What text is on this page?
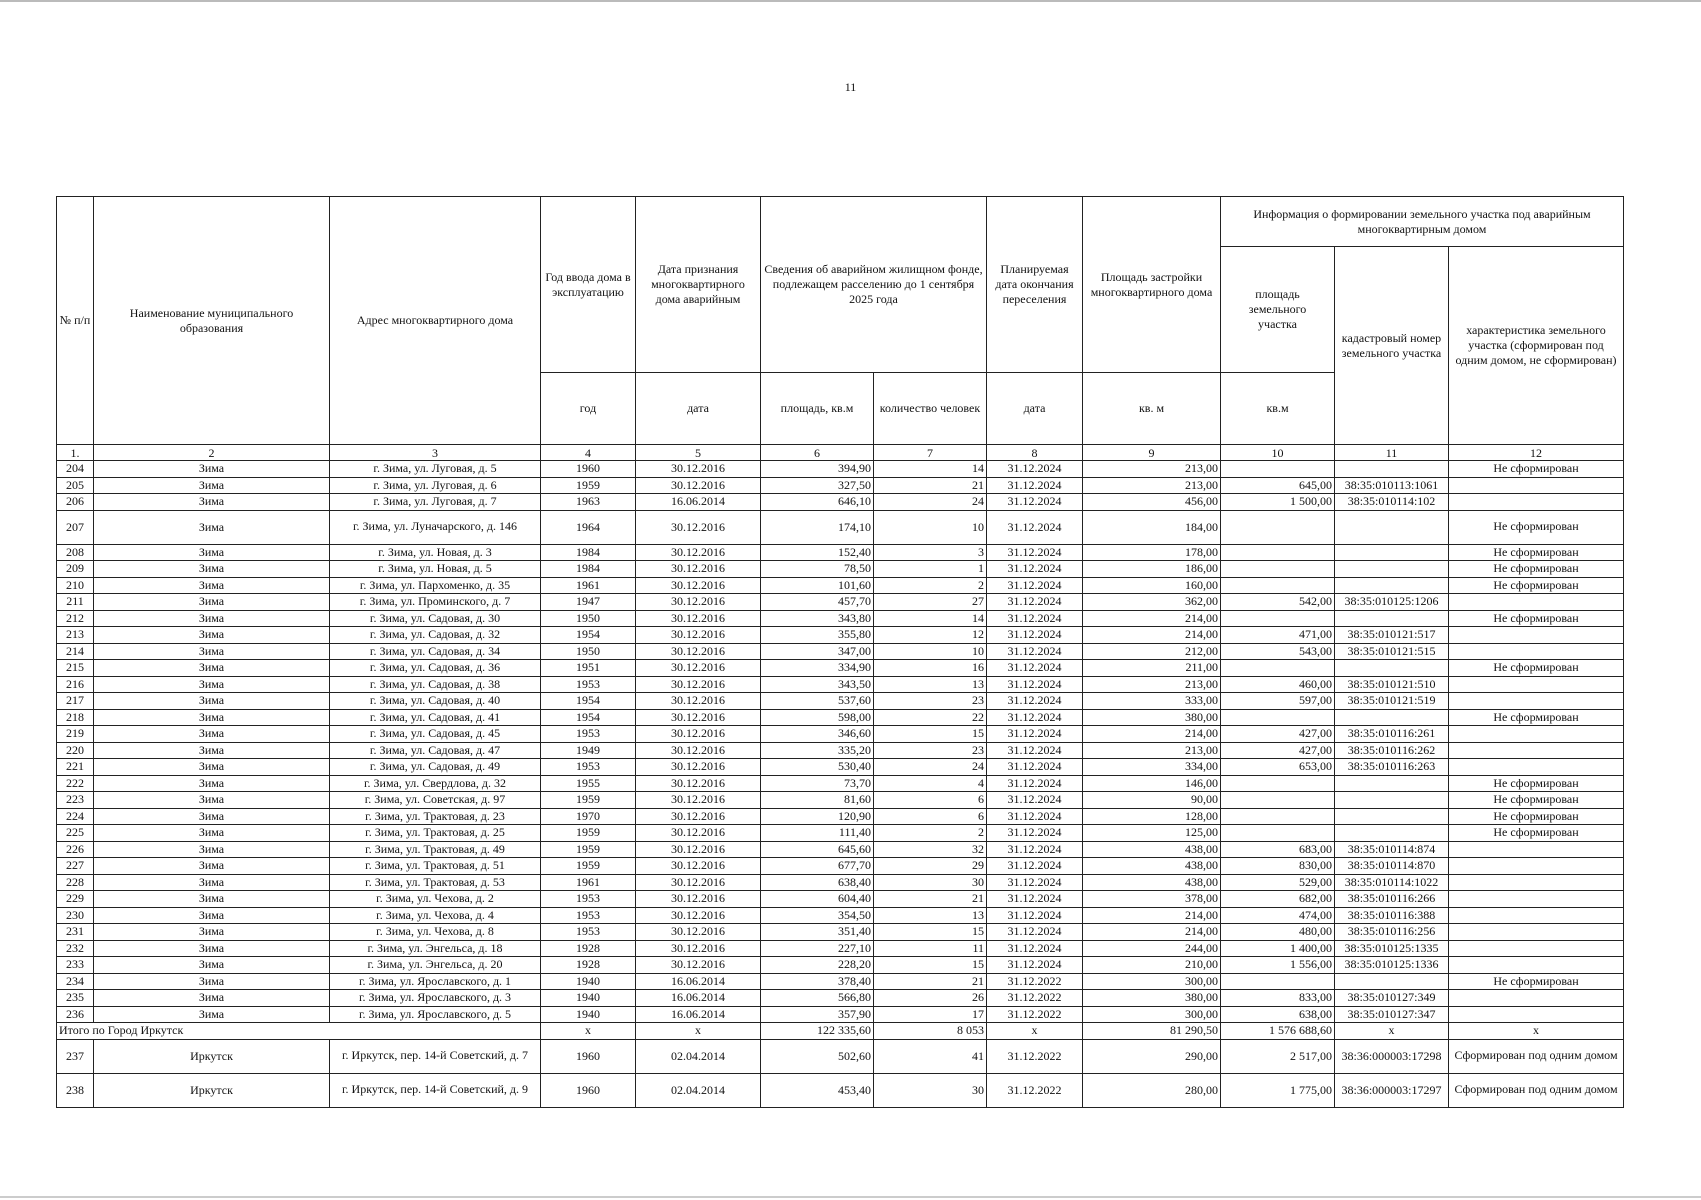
11
№ п/п	Наименование муниципального образования	Адрес многоквартирного дома	Год ввода дома в эксплуатацию	Дата признания многоквартирного дома аварийным	Сведения об аварийном жилищном фонде, подлежащем расселению до 1 сентября 2025 года		Планируемая дата окончания переселения	Площадь застройки многоквартирного дома	Информация о формировании земельного участка под аварийным многоквартирным домом		
									площадь земельного участка	кадастровый номер земельного участка	характеристика земельного участка (сформирован под одним домом, не сформирован)
			год	дата	площадь, кв.м	количество человек	дата	кв. м	кв.м		
1.	2	3	4	5	6	7	8	9	10	11	12
204	Зима	г. Зима, ул. Луговая, д. 5	1960	30.12.2016	394,90	14	31.12.2024	213,00			Не сформирован
205	Зима	г. Зима, ул. Луговая, д. 6	1959	30.12.2016	327,50	21	31.12.2024	213,00	645,00	38:35:010113:1061	
206	Зима	г. Зима, ул. Луговая, д. 7	1963	16.06.2014	646,10	24	31.12.2024	456,00	1 500,00	38:35:010114:102	
207	Зима	г. Зима, ул. Луначарского, д. 146	1964	30.12.2016	174,10	10	31.12.2024	184,00			Не сформирован
208	Зима	г. Зима, ул. Новая, д. 3	1984	30.12.2016	152,40	3	31.12.2024	178,00			Не сформирован
209	Зима	г. Зима, ул. Новая, д. 5	1984	30.12.2016	78,50	1	31.12.2024	186,00			Не сформирован
210	Зима	г. Зима, ул. Пархоменко, д. 35	1961	30.12.2016	101,60	2	31.12.2024	160,00			Не сформирован
211	Зима	г. Зима, ул. Проминского, д. 7	1947	30.12.2016	457,70	27	31.12.2024	362,00	542,00	38:35:010125:1206	
212	Зима	г. Зима, ул. Садовая, д. 30	1950	30.12.2016	343,80	14	31.12.2024	214,00			Не сформирован
213	Зима	г. Зима, ул. Садовая, д. 32	1954	30.12.2016	355,80	12	31.12.2024	214,00	471,00	38:35:010121:517	
214	Зима	г. Зима, ул. Садовая, д. 34	1950	30.12.2016	347,00	10	31.12.2024	212,00	543,00	38:35:010121:515	
215	Зима	г. Зима, ул. Садовая, д. 36	1951	30.12.2016	334,90	16	31.12.2024	211,00			Не сформирован
216	Зима	г. Зима, ул. Садовая, д. 38	1953	30.12.2016	343,50	13	31.12.2024	213,00	460,00	38:35:010121:510	
217	Зима	г. Зима, ул. Садовая, д. 40	1954	30.12.2016	537,60	23	31.12.2024	333,00	597,00	38:35:010121:519	
218	Зима	г. Зима, ул. Садовая, д. 41	1954	30.12.2016	598,00	22	31.12.2024	380,00			Не сформирован
219	Зима	г. Зима, ул. Садовая, д. 45	1953	30.12.2016	346,60	15	31.12.2024	214,00	427,00	38:35:010116:261	
220	Зима	г. Зима, ул. Садовая, д. 47	1949	30.12.2016	335,20	23	31.12.2024	213,00	427,00	38:35:010116:262	
221	Зима	г. Зима, ул. Садовая, д. 49	1953	30.12.2016	530,40	24	31.12.2024	334,00	653,00	38:35:010116:263	
222	Зима	г. Зима, ул. Свердлова, д. 32	1955	30.12.2016	73,70	4	31.12.2024	146,00			Не сформирован
223	Зима	г. Зима, ул. Советская, д. 97	1959	30.12.2016	81,60	6	31.12.2024	90,00			Не сформирован
224	Зима	г. Зима, ул. Трактовая, д. 23	1970	30.12.2016	120,90	6	31.12.2024	128,00			Не сформирован
225	Зима	г. Зима, ул. Трактовая, д. 25	1959	30.12.2016	111,40	2	31.12.2024	125,00			Не сформирован
226	Зима	г. Зима, ул. Трактовая, д. 49	1959	30.12.2016	645,60	32	31.12.2024	438,00	683,00	38:35:010114:874	
227	Зима	г. Зима, ул. Трактовая, д. 51	1959	30.12.2016	677,70	29	31.12.2024	438,00	830,00	38:35:010114:870	
228	Зима	г. Зима, ул. Трактовая, д. 53	1961	30.12.2016	638,40	30	31.12.2024	438,00	529,00	38:35:010114:1022	
229	Зима	г. Зима, ул. Чехова, д. 2	1953	30.12.2016	604,40	21	31.12.2024	378,00	682,00	38:35:010116:266	
230	Зима	г. Зима, ул. Чехова, д. 4	1953	30.12.2016	354,50	13	31.12.2024	214,00	474,00	38:35:010116:388	
231	Зима	г. Зима, ул. Чехова, д. 8	1953	30.12.2016	351,40	15	31.12.2024	214,00	480,00	38:35:010116:256	
232	Зима	г. Зима, ул. Энгельса, д. 18	1928	30.12.2016	227,10	11	31.12.2024	244,00	1 400,00	38:35:010125:1335	
233	Зима	г. Зима, ул. Энгельса, д. 20	1928	30.12.2016	228,20	15	31.12.2024	210,00	1 556,00	38:35:010125:1336	
234	Зима	г. Зима, ул. Ярославского, д. 1	1940	16.06.2014	378,40	21	31.12.2022	300,00			Не сформирован
235	Зима	г. Зима, ул. Ярославского, д. 3	1940	16.06.2014	566,80	26	31.12.2022	380,00	833,00	38:35:010127:349	
236	Зима	г. Зима, ул. Ярославского, д. 5	1940	16.06.2014	357,90	17	31.12.2022	300,00	638,00	38:35:010127:347	
Итого по Город Иркутск			x	x	122 335,60	8 053	x	81 290,50	1 576 688,60	x	x
237	Иркутск	г. Иркутск, пер. 14-й Советский, д. 7	1960	02.04.2014	502,60	41	31.12.2022	290,00	2 517,00	38:36:000003:17298	Сформирован под одним домом
238	Иркутск	г. Иркутск, пер. 14-й Советский, д. 9	1960	02.04.2014	453,40	30	31.12.2022	280,00	1 775,00	38:36:000003:17297	Сформирован под одним домом
